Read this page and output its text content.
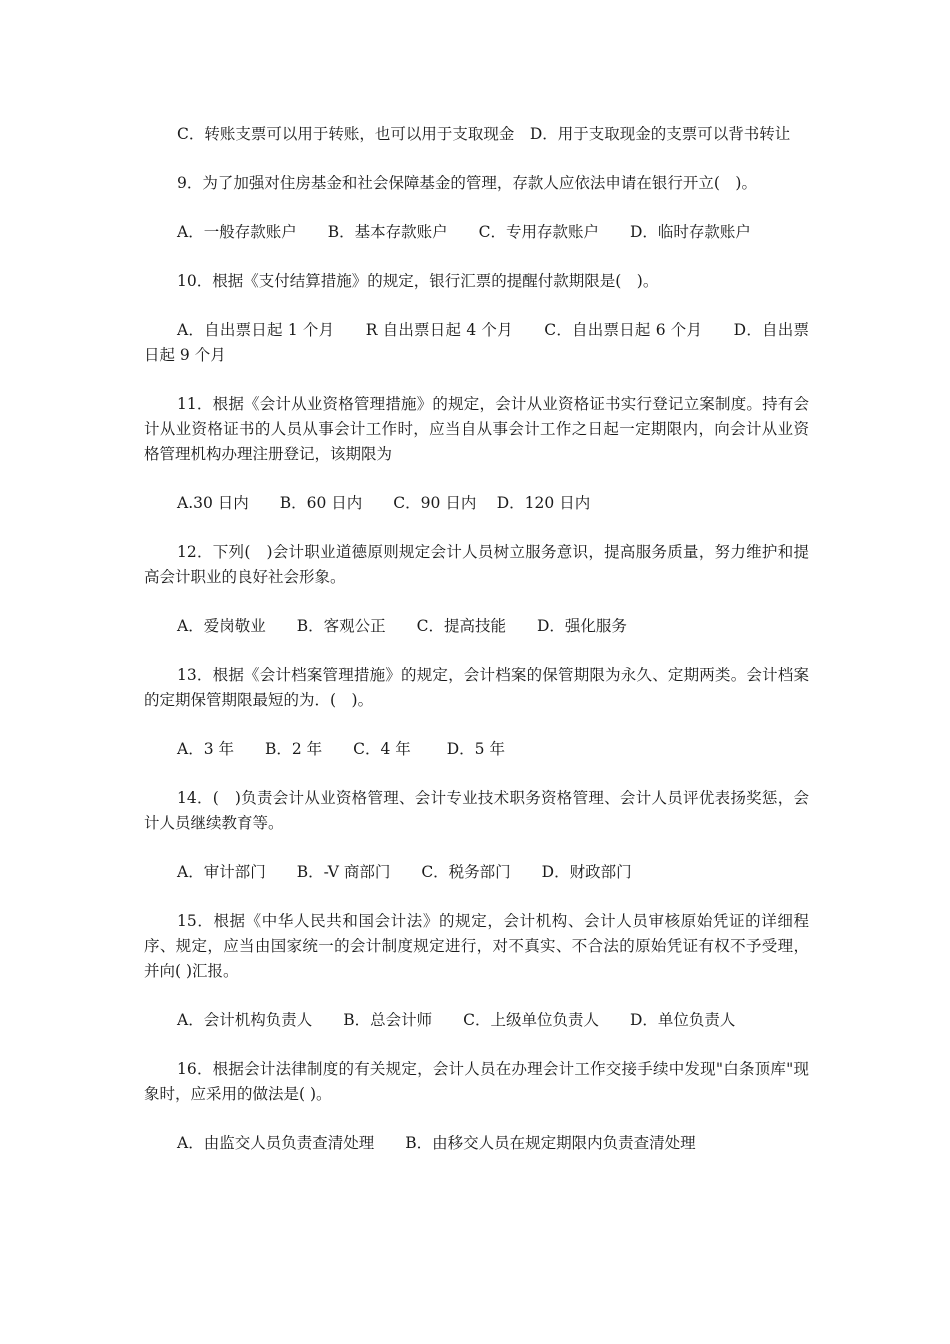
C．转账支票可以用于转账，也可以用于支取现金　D．用于支取现金的支票可以背书转让

9．为了加强对住房基金和社会保障基金的管理，存款人应依法申请在银行开立(　)。

A．一般存款账户　　B．基本存款账户　　C．专用存款账户　　D．临时存款账户

10．根据《支付结算措施》的规定，银行汇票的提醒付款期限是(　)。

A．自出票日起 1 个月　　R 自出票日起 4 个月　　C．自出票日起 6 个月　　D．自出票日起 9 个月

11．根据《会计从业资格管理措施》的规定，会计从业资格证书实行登记立案制度。持有会计从业资格证书的人员从事会计工作时，应当自从事会计工作之日起一定期限内，向会计从业资格管理机构办理注册登记，该期限为

A.30 日内　　B．60 日内　　C．90 日内　 D．120 日内

12．下列(　)会计职业道德原则规定会计人员树立服务意识，提高服务质量，努力维护和提高会计职业的良好社会形象。

A．爱岗敬业　　B．客观公正　　C．提高技能　　D．强化服务

13．根据《会计档案管理措施》的规定，会计档案的保管期限为永久、定期两类。会计档案的定期保管期限最短的为．(　)。

A．3 年　　B．2 年　　C．4 年　　 D．5 年

14．(　)负责会计从业资格管理、会计专业技术职务资格管理、会计人员评优表扬奖惩，会计人员继续教育等。

A．审计部门　　B．-V 商部门　　C．税务部门　　D．财政部门

15．根据《中华人民共和国会计法》的规定，会计机构、会计人员审核原始凭证的详细程序、规定，应当由国家统一的会计制度规定进行，对不真实、不合法的原始凭证有权不予受理，并向( )汇报。

A．会计机构负责人　　B．总会计师　　C．上级单位负责人　　D．单位负责人

16．根据会计法律制度的有关规定，会计人员在办理会计工作交接手续中发现"白条顶库"现象时，应采用的做法是( )。

A．由监交人员负责查清处理　　B．由移交人员在规定期限内负责查清处理
